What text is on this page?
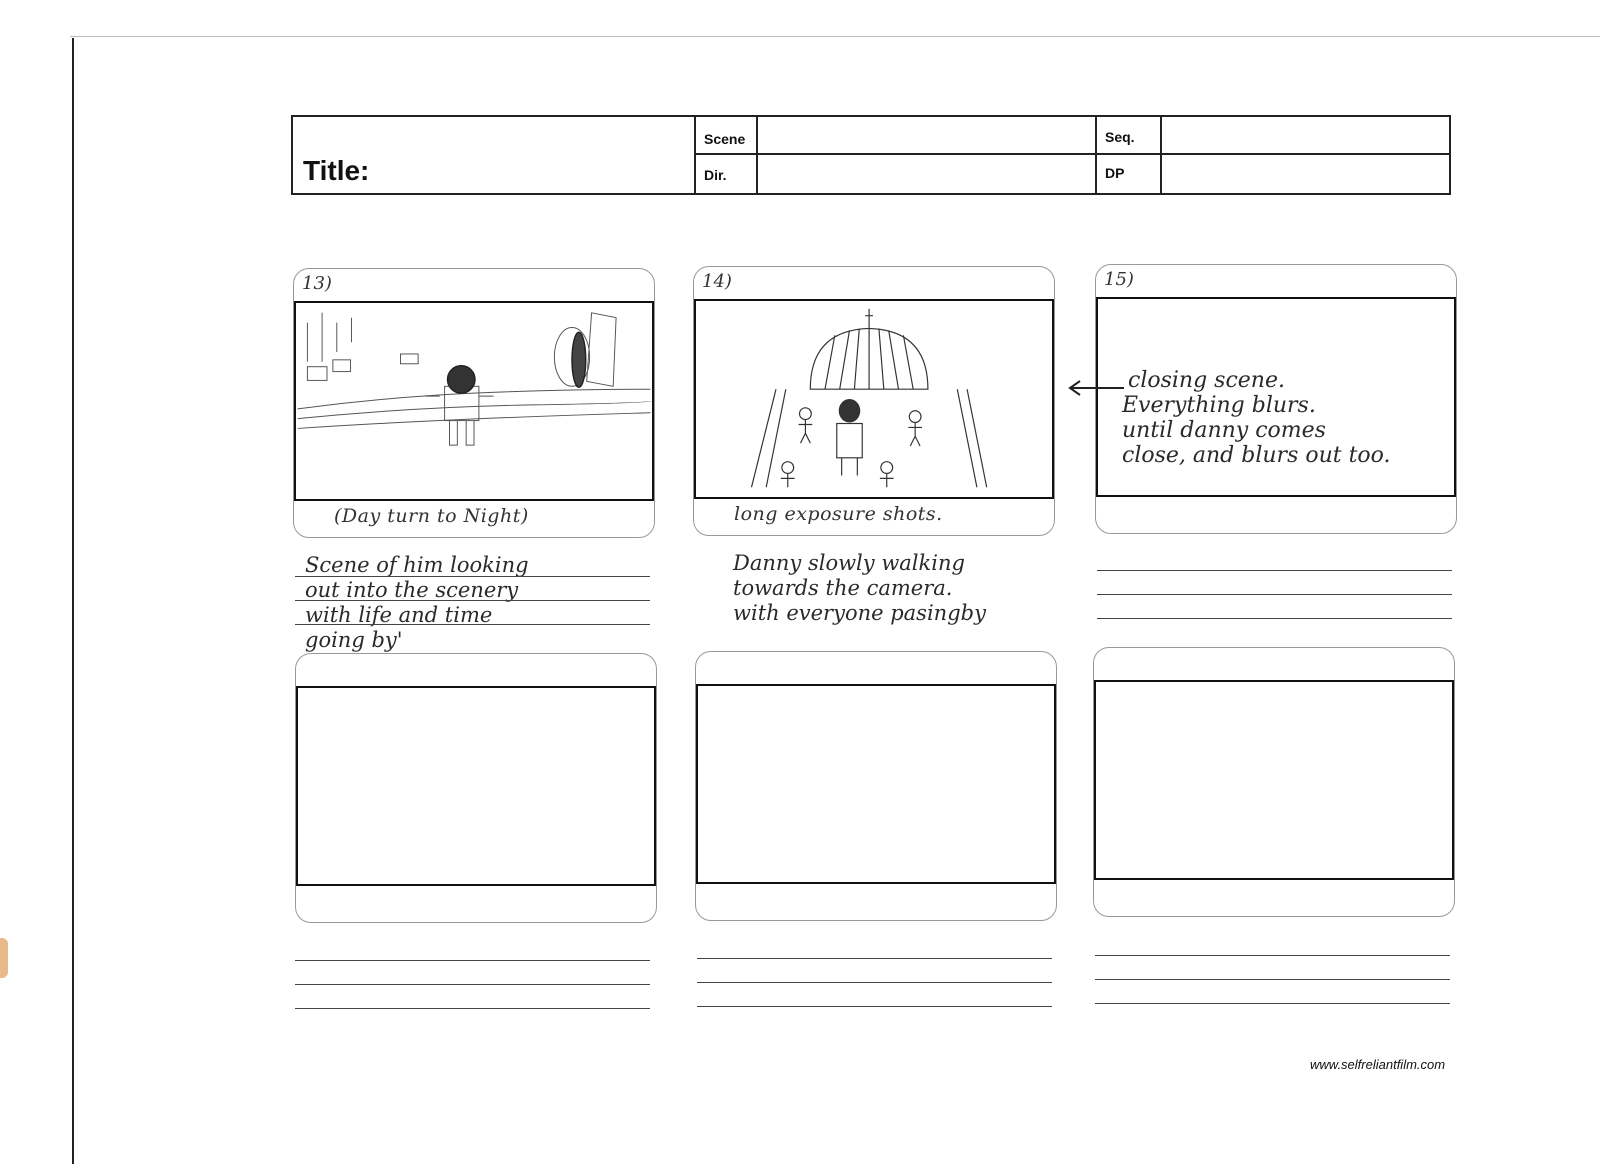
Title:
Scene
Dir.
Seq.
DP
13)
(Day turn to Night)
14)
long exposure shots.
15)
closing scene.
Everything blurs.
until danny comes
close, and blurs out too.
Scene of him looking
out into the scenery
with life and time
going by'
Danny slowly walking
towards the camera.
with everyone pasingby
www.selfreliantfilm.com
